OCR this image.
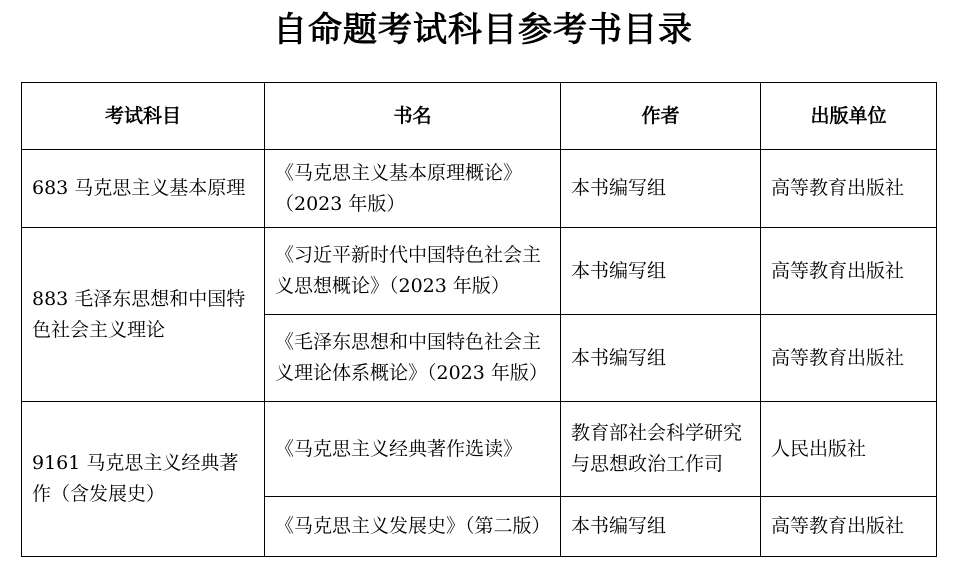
自命题考试科目参考书目录
考试科目	书名	作者	出版单位
683 马克思主义基本原理	《马克思主义基本原理概论》（2023 年版）	本书编写组	高等教育出版社
883 毛泽东思想和中国特色社会主义理论	《习近平新时代中国特色社会主义思想概论》（2023 年版）	本书编写组	高等教育出版社
	《毛泽东思想和中国特色社会主义理论体系概论》（2023 年版）	本书编写组	高等教育出版社
9161 马克思主义经典著作（含发展史）	《马克思主义经典著作选读》	教育部社会科学研究与思想政治工作司	人民出版社
	《马克思主义发展史》（第二版）	本书编写组	高等教育出版社
